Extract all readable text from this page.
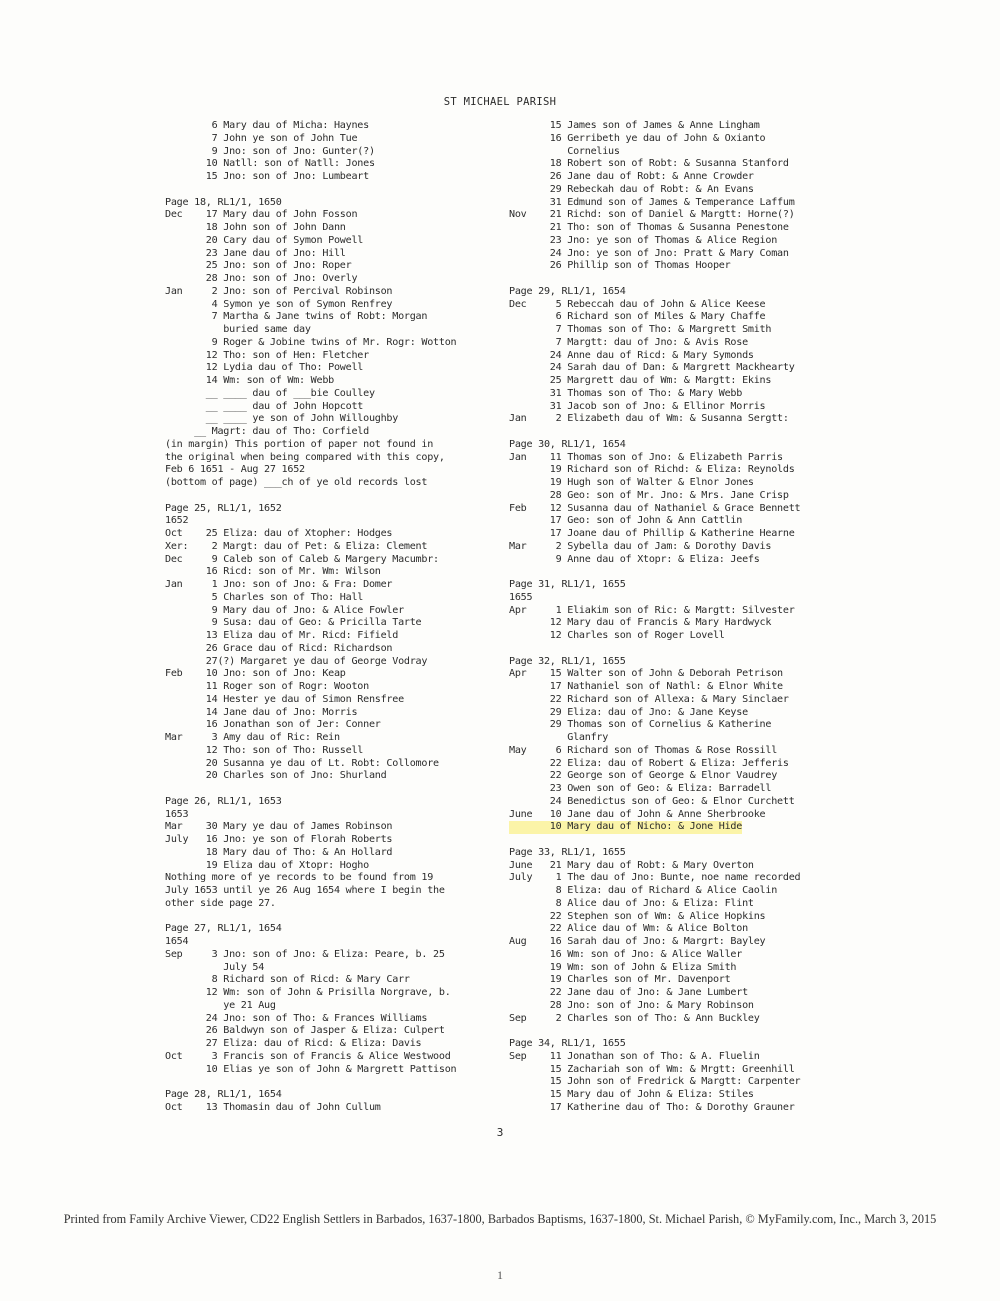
ST MICHAEL PARISH
6 Mary dau of Micha: Haynes
7 John ye son of John Tue
9 Jno: son of Jno: Gunter(?)
10 Natll: son of Natll: Jones
15 Jno: son of Jno: Lumbeart
Page 18, RL1/1, 1650
Dec    17 Mary dau of John Fosson
18 John son of John Dann
20 Cary dau of Symon Powell
23 Jane dau of Jno: Hill
25 Jno: son of Jno: Roper
28 Jno: son of Jno: Overly
Jan     2 Jno: son of Percival Robinson
4 Symon ye son of Symon Renfrey
7 Martha & Jane twins of Robt: Morgan
buried same day
9 Roger & Jobine twins of Mr. Rogr: Wotton
12 Tho: son of Hen: Fletcher
12 Lydia dau of Tho: Powell
14 Wm: son of Wm: Webb
__ ____ dau of ___bie Coulley
__ ____ dau of John Hopcott
__ ____ ye son of John Willoughby
__ Magrt: dau of Tho: Corfield
(in margin) This portion of paper not found in
the original when being compared with this copy,
Feb 6 1651 - Aug 27 1652
(bottom of page) ___ch of ye old records lost
Page 25, RL1/1, 1652
1652
Oct    25 Eliza: dau of Xtopher: Hodges
Xer:    2 Margt: dau of Pet: & Eliza: Clement
Dec     9 Caleb son of Caleb & Margery Macumbr:
16 Ricd: son of Mr. Wm: Wilson
Jan     1 Jno: son of Jno: & Fra: Domer
5 Charles son of Tho: Hall
9 Mary dau of Jno: & Alice Fowler
9 Susa: dau of Geo: & Pricilla Tarte
13 Eliza dau of Mr. Ricd: Fifield
26 Grace dau of Ricd: Richardson
27(?) Margaret ye dau of George Vodray
Feb    10 Jno: son of Jno: Keap
11 Roger son of Rogr: Wooton
14 Hester ye dau of Simon Rensfree
14 Jane dau of Jno: Morris
16 Jonathan son of Jer: Conner
Mar     3 Amy dau of Ric: Rein
12 Tho: son of Tho: Russell
20 Susanna ye dau of Lt. Robt: Collomore
20 Charles son of Jno: Shurland
Page 26, RL1/1, 1653
1653
Mar    30 Mary ye dau of James Robinson
July   16 Jno: ye son of Florah Roberts
18 Mary dau of Tho: & An Hollard
19 Eliza dau of Xtopr: Hogho
Nothing more of ye records to be found from 19
July 1653 until ye 26 Aug 1654 where I begin the
other side page 27.
Page 27, RL1/1, 1654
1654
Sep     3 Jno: son of Jno: & Eliza: Peare, b. 25
July 54
8 Richard son of Ricd: & Mary Carr
12 Wm: son of John & Prisilla Norgrave, b.
ye 21 Aug
24 Jno: son of Tho: & Frances Williams
26 Baldwyn son of Jasper & Eliza: Culpert
27 Eliza: dau of Ricd: & Eliza: Davis
Oct     3 Francis son of Francis & Alice Westwood
10 Elias ye son of John & Margrett Pattison
Page 28, RL1/1, 1654
Oct    13 Thomasin dau of John Cullum
15 James son of James & Anne Lingham
16 Gerribeth ye dau of John & Oxianto
Cornelius
18 Robert son of Robt: & Susanna Stanford
26 Jane dau of Robt: & Anne Crowder
29 Rebeckah dau of Robt: & An Evans
31 Edmund son of James & Temperance Laffum
Nov    21 Richd: son of Daniel & Margtt: Horne(?)
21 Tho: son of Thomas & Susanna Penestone
23 Jno: ye son of Thomas & Alice Region
24 Jno: ye son of Jno: Pratt & Mary Coman
26 Phillip son of Thomas Hooper
Page 29, RL1/1, 1654
Dec     5 Rebeccah dau of John & Alice Keese
6 Richard son of Miles & Mary Chaffe
7 Thomas son of Tho: & Margrett Smith
7 Margtt: dau of Jno: & Avis Rose
24 Anne dau of Ricd: & Mary Symonds
24 Sarah dau of Dan: & Margrett Mackhearty
25 Margrett dau of Wm: & Margtt: Ekins
31 Thomas son of Tho: & Mary Webb
31 Jacob son of Jno: & Ellinor Morris
Jan     2 Elizabeth dau of Wm: & Susanna Sergtt:
Page 30, RL1/1, 1654
Jan    11 Thomas son of Jno: & Elizabeth Parris
19 Richard son of Richd: & Eliza: Reynolds
19 Hugh son of Walter & Elnor Jones
28 Geo: son of Mr. Jno: & Mrs. Jane Crisp
Feb    12 Susanna dau of Nathaniel & Grace Bennett
17 Geo: son of John & Ann Cattlin
17 Joane dau of Phillip & Katherine Hearne
Mar     2 Sybella dau of Jam: & Dorothy Davis
9 Anne dau of Xtopr: & Eliza: Jeefs
Page 31, RL1/1, 1655
1655
Apr     1 Eliakim son of Ric: & Margtt: Silvester
12 Mary dau of Francis & Mary Hardwyck
12 Charles son of Roger Lovell
Page 32, RL1/1, 1655
Apr    15 Walter son of John & Deborah Petrison
17 Nathaniel son of Nathl: & Elnor White
22 Richard son of Allexa: & Mary Sinclaer
29 Eliza: dau of Jno: & Jane Keyse
29 Thomas son of Cornelius & Katherine
Glanfry
May     6 Richard son of Thomas & Rose Rossill
22 Eliza: dau of Robert & Eliza: Jefferis
22 George son of George & Elnor Vaudrey
23 Owen son of Geo: & Eliza: Barradell
24 Benedictus son of Geo: & Elnor Curchett
June   10 Jane dau of John & Anne Sherbrooke
10 Mary dau of Nicho: & Jone Hide
Page 33, RL1/1, 1655
June   21 Mary dau of Robt: & Mary Overton
July    1 The dau of Jno: Bunte, noe name recorded
8 Eliza: dau of Richard & Alice Caolin
8 Alice dau of Jno: & Eliza: Flint
22 Stephen son of Wm: & Alice Hopkins
22 Alice dau of Wm: & Alice Bolton
Aug    16 Sarah dau of Jno: & Margrt: Bayley
16 Wm: son of Jno: & Alice Waller
19 Wm: son of John & Eliza Smith
19 Charles son of Mr. Davenport
22 Jane dau of Jno: & Jane Lumbert
28 Jno: son of Jno: & Mary Robinson
Sep     2 Charles son of Tho: & Ann Buckley
Page 34, RL1/1, 1655
Sep    11 Jonathan son of Tho: & A. Fluelin
15 Zachariah son of Wm: & Mrgtt: Greenhill
15 John son of Fredrick & Margtt: Carpenter
15 Mary dau of John & Eliza: Stiles
17 Katherine dau of Tho: & Dorothy Grauner
3
Printed from Family Archive Viewer, CD22 English Settlers in Barbados, 1637-1800, Barbados Baptisms, 1637-1800, St. Michael Parish, © MyFamily.com, Inc., March 3, 2015
1
